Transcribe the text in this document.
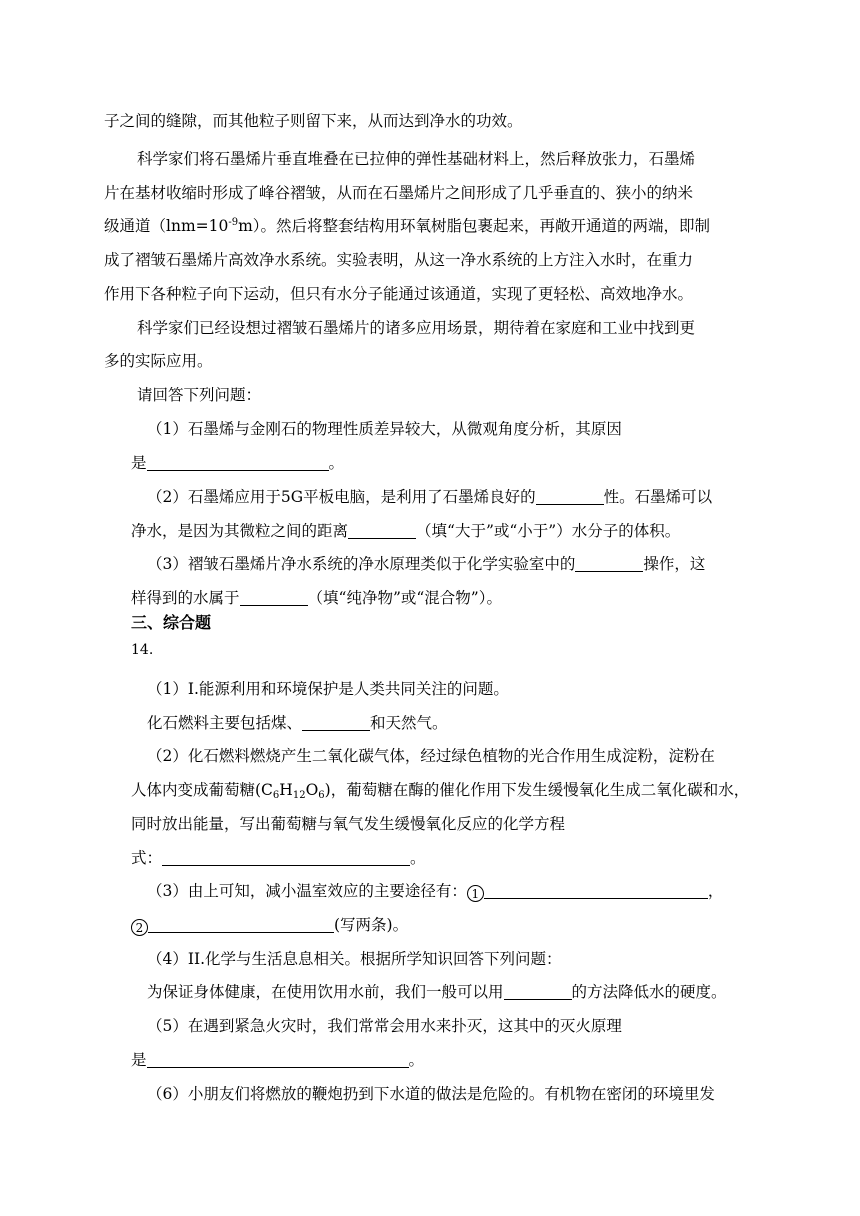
子之间的缝隙，而其他粒子则留下来，从而达到净水的功效。
科学家们将石墨烯片垂直堆叠在已拉伸的弹性基础材料上，然后释放张力，石墨烯
片在基材收缩时形成了峰谷褶皱，从而在石墨烯片之间形成了几乎垂直的、狭小的纳米
级通道$(\ln m=10^{-9}m)$。然后将整套结构用环氧树脂包裹起来，再敞开通道的两端，即制
成了褶皱石墨烯片高效净水系统。实验表明，从这一净水系统的上方注入水时，在重力
作用下各种粒子向下运动，但只有水分子能通过该通道，实现了更轻松、高效地净水。
科学家们已经设想过褶皱石墨烯片的诸多应用场景，期待着在家庭和工业中找到更
多的实际应用。
请回答下列问题：
（1）石墨烯与金刚石的物理性质差异较大，从微观角度分析，其原因
是	。
（2）石墨烯应用于5G平板电脑，是利用了石墨烯良好的	性。石墨烯可以
净水，是因为其微粒之间的距离	（填“大于”或“小于”）水分子的体积。
（3）褶皱石墨烯片净水系统的净水原理类似于化学实验室中的	操作，这
样得到的水属于	（填“纯净物”或“混合物”）。
三、综合题
14.
（1）I.能源利用和环境保护是人类共同关注的问题。
化石燃料主要包括煤、	和天然气。
（2）化石燃料燃烧产生二氧化碳气体，经过绿色植物的光合作用生成淀粉，淀粉在
人体内变成葡萄糖$(C_6H_{12}O_6)$，葡萄糖在酶的催化作用下发生缓慢氧化生成二氧化碳和水，
同时放出能量，写出葡萄糖与氧气发生缓慢氧化反应的化学方程
式：	。
（3）由上可知，减小温室效应的主要途径有： 1	，
2	(写两条)。
（4）II.化学与生活息息相关。根据所学知识回答下列问题：
为保证身体健康，在使用饮用水前，我们一般可以用	的方法降低水的硬度。
（5）在遇到紧急火灾时，我们常常会用水来扑灭，这其中的灭火原理
是	。
（6）小朋友们将燃放的鞭炮扔到下水道的做法是危险的。有机物在密闭的环境里发
